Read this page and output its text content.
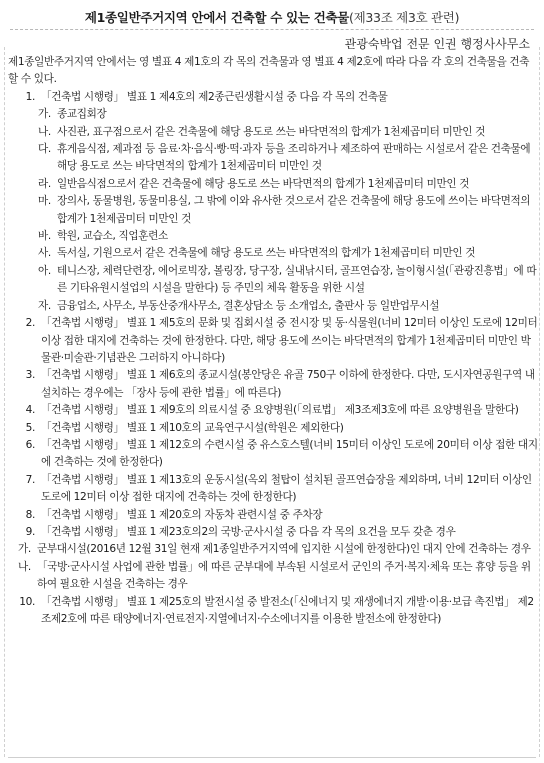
제1종일반주거지역 안에서 건축할 수 있는 건축물(제33조 제3호 관련)
관광숙박업 전문 인권 행정사사무소

제1종일반주거지역 안에서는 영 별표 4 제1호의 각 목의 건축물과 영 별표 4 제2호에 따라 다음 각 호의 건축물을 건축할 수 있다.

1. 「건축법 시행령」 별표 1 제4호의 제2종근린생활시설 중 다음 각 목의 건축물
가. 종교집회장
나. 사진관, 표구점으로서 같은 건축물에 해당 용도로 쓰는 바닥면적의 합계가 1천제곱미터 미만인 것
다. 휴게음식점, 제과점 등 음료·차·음식·빵·떡·과자 등을 조리하거나 제조하여 판매하는 시설로서 같은 건축물에 해당 용도로 쓰는 바닥면적의 합계가 1천제곱미터 미만인 것
라. 일반음식점으로서 같은 건축물에 해당 용도로 쓰는 바닥면적의 합계가 1천제곱미터 미만인 것
마. 장의사, 동물병원, 동물미용실, 그 밖에 이와 유사한 것으로서 같은 건축물에 해당 용도에 쓰이는 바닥면적의 합계가 1천제곱미터 미만인 것
바. 학원, 교습소, 직업훈련소
사. 독서실, 기원으로서 같은 건축물에 해당 용도로 쓰는 바닥면적의 합계가 1천제곱미터 미만인 것
아. 테니스장, 체력단련장, 에어로빅장, 볼링장, 당구장, 실내낚시터, 골프연습장, 놀이형시설(「관광진흥법」에 따른 기타유원시설업의 시설을 말한다) 등 주민의 체육 활동을 위한 시설
자. 금융업소, 사무소, 부동산중개사무소, 결혼상담소 등 소개업소, 출판사 등 일반업무시설
2. 「건축법 시행령」 별표 1 제5호의 문화 및 집회시설 중 전시장 및 동·식물원(너비 12미터 이상인 도로에 12미터 이상 접한 대지에 건축하는 것에 한정한다. 다만, 해당 용도에 쓰이는 바닥면적의 합계가 1천제곱미터 미만인 박물관·미술관·기념관은 그러하지 아니하다)
3. 「건축법 시행령」 별표 1 제6호의 종교시설(봉안당은 유골 750구 이하에 한정한다. 다만, 도시자연공원구역 내 설치하는 경우에는 「장사 등에 관한 법률」에 따른다)
4. 「건축법 시행령」 별표 1 제9호의 의료시설 중 요양병원(「의료법」 제3조제3호에 따른 요양병원을 말한다)
5. 「건축법 시행령」 별표 1 제10호의 교육연구시설(학원은 제외한다)
6. 「건축법 시행령」 별표 1 제12호의 수련시설 중 유스호스텔(너비 15미터 이상인 도로에 20미터 이상 접한 대지에 건축하는 것에 한정한다)
7. 「건축법 시행령」 별표 1 제13호의 운동시설(옥외 철탑이 설치된 골프연습장을 제외하며, 너비 12미터 이상인 도로에 12미터 이상 접한 대지에 건축하는 것에 한정한다)
8. 「건축법 시행령」 별표 1 제20호의 자동차 관련시설 중 주차장
9. 「건축법 시행령」 별표 1 제23호의2의 국방·군사시설 중 다음 각 목의 요건을 모두 갖춘 경우
가. 군부대시설(2016년 12월 31일 현재 제1종일반주거지역에 입지한 시설에 한정한다)인 대지 안에 건축하는 경우
나. 「국방·군사시설 사업에 관한 법률」에 따른 군부대에 부속된 시설로서 군인의 주거·복지·체육 또는 휴양 등을 위하여 필요한 시설을 건축하는 경우
10. 「건축법 시행령」 별표 1 제25호의 발전시설 중 발전소(「신에너지 및 재생에너지 개발·이용·보급 촉진법」 제2조제2호에 따른 태양에너지·연료전지·지열에너지·수소에너지를 이용한 발전소에 한정한다)
